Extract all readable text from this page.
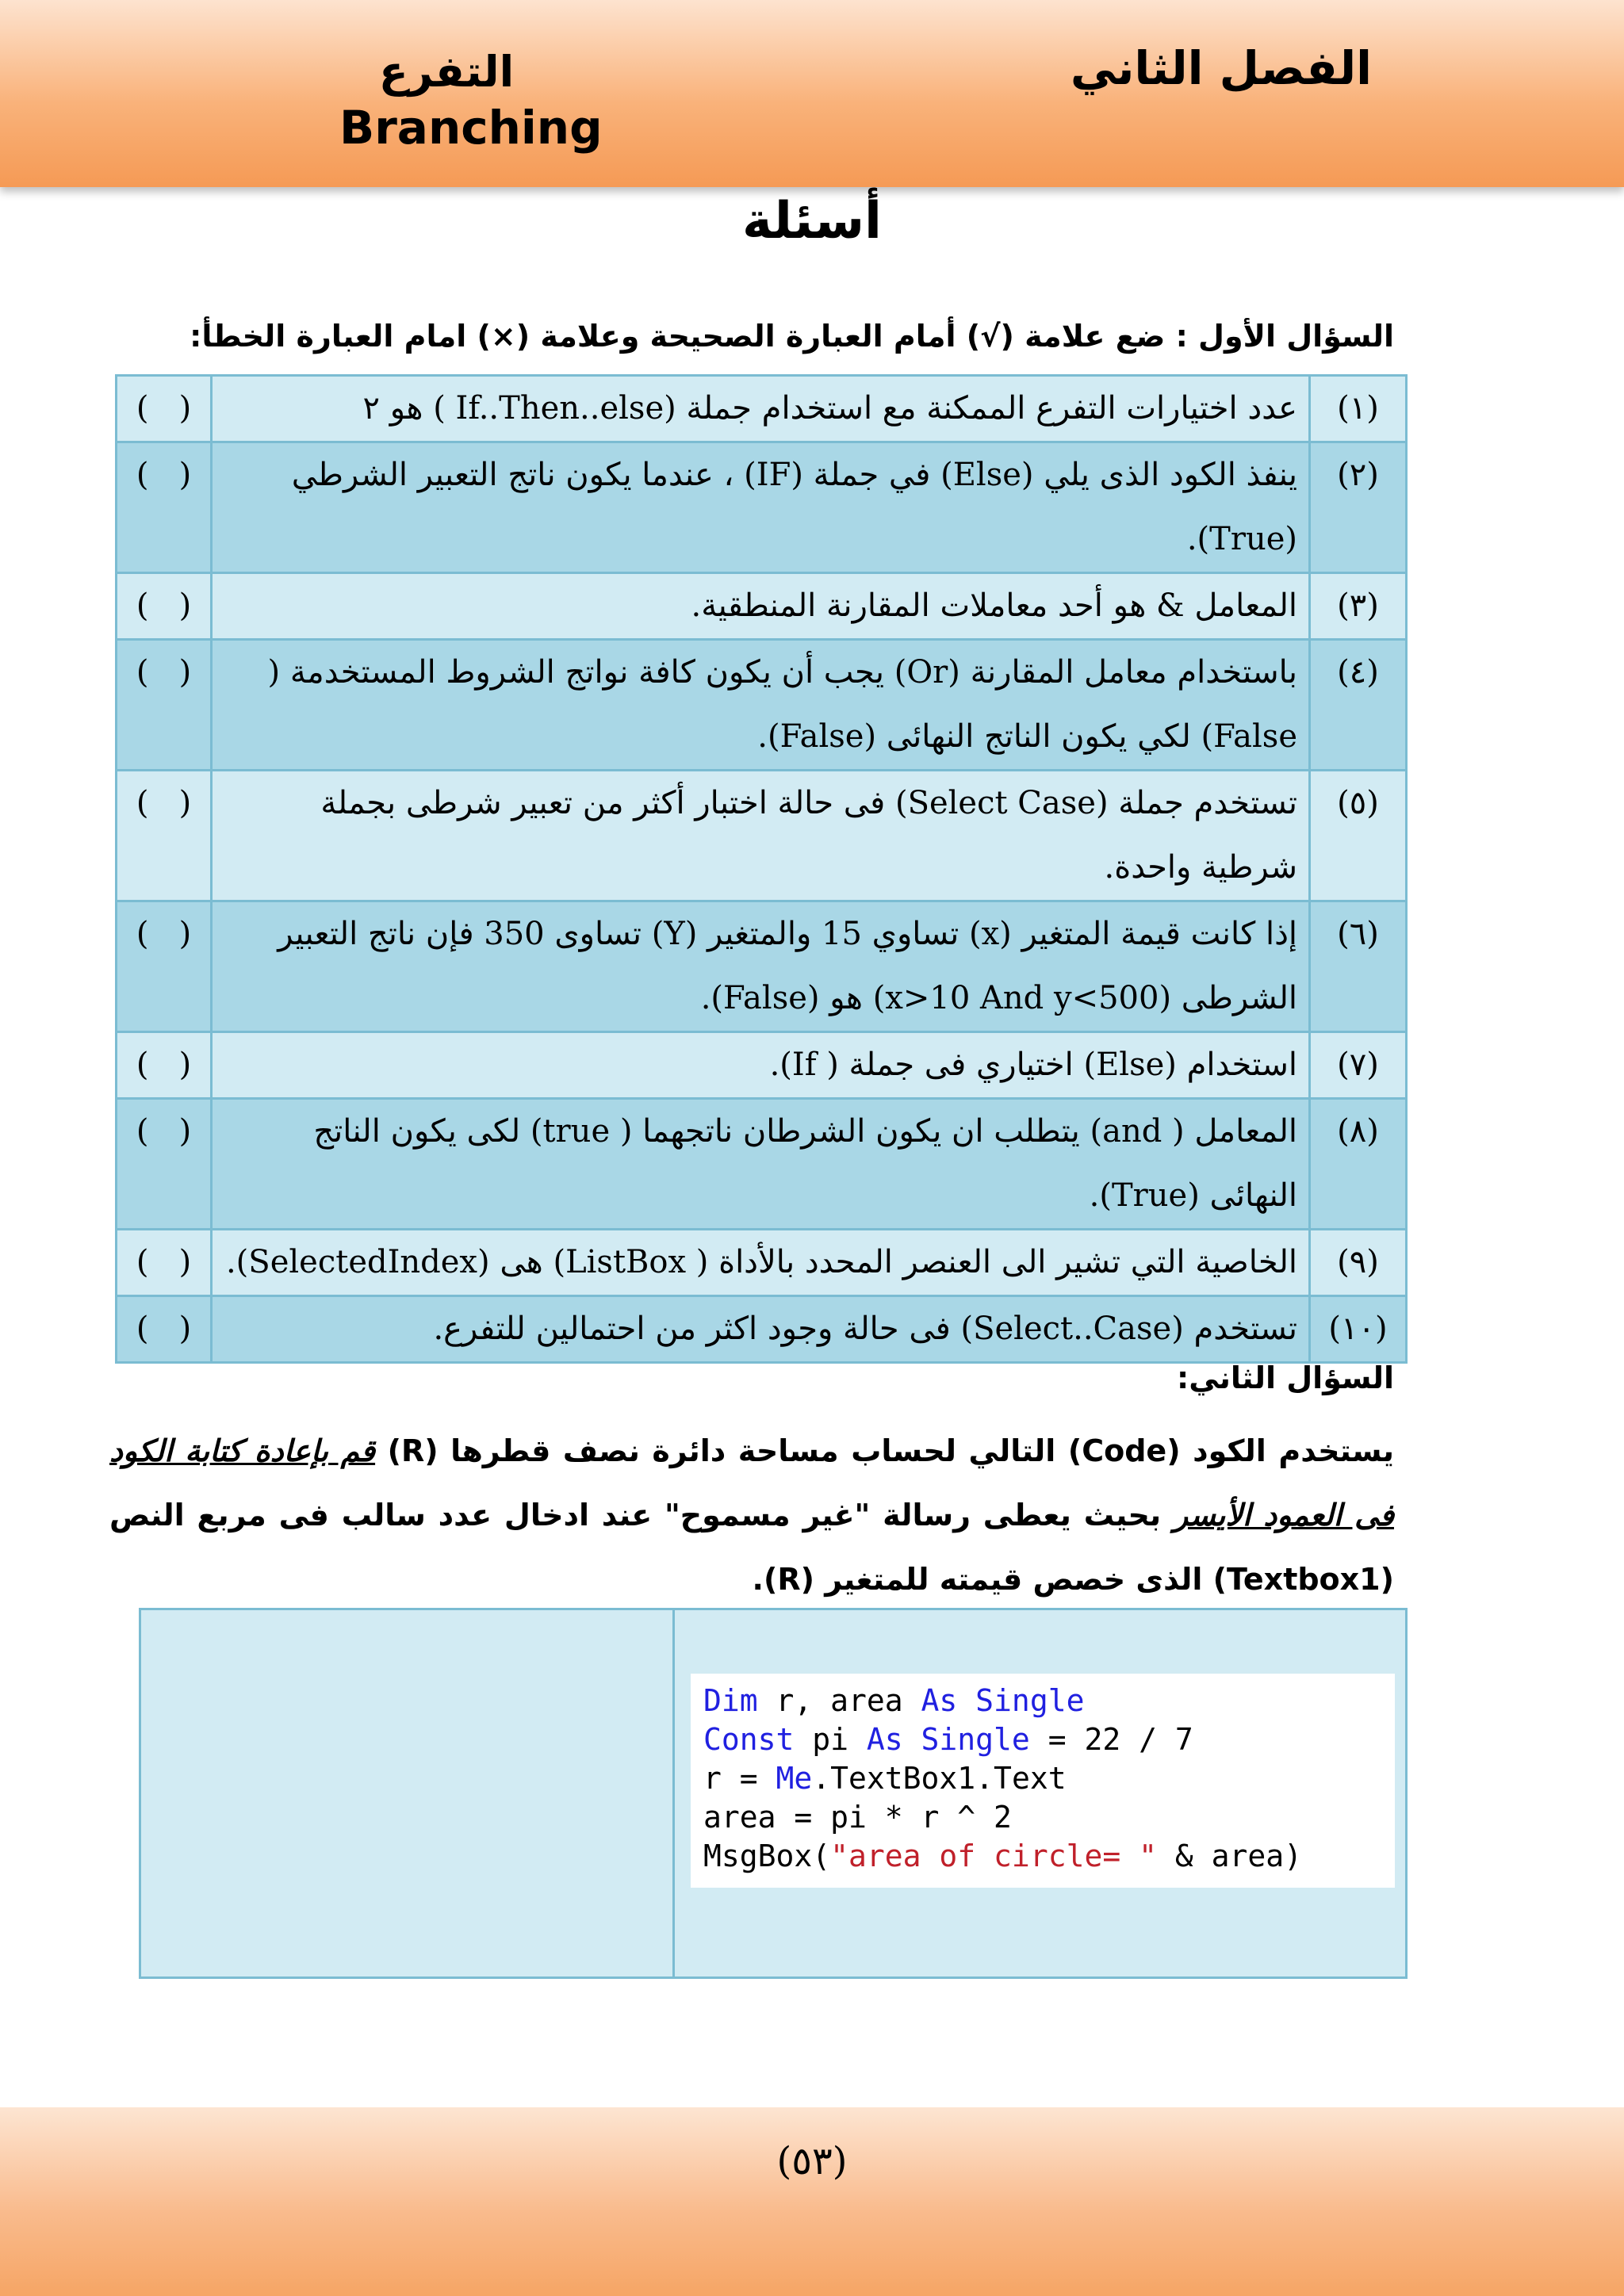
الفصل الثاني
التفرع
Branching
أسئلة
السؤال الأول : ضع علامة (√) أمام العبارة الصحيحة وعلامة (×) امام العبارة الخطأ:
(١)	عدد اختيارات التفرع الممكنة مع استخدام جملة (If..Then..else ) هو ٢	(   )
(٢)	ينفذ الكود الذى يلي (Else) في جملة (IF) ، عندما يكون ناتج التعبير الشرطي (True).	(   )
(٣)	المعامل & هو أحد معاملات المقارنة المنطقية.	(   )
(٤)	باستخدام معامل المقارنة (Or) يجب أن يكون كافة نواتج الشروط المستخدمة ( False) لكي يكون الناتج النهائى (False).	(   )
(٥)	تستخدم جملة (Select Case) فى حالة اختبار أكثر من تعبير شرطى بجملة شرطية واحدة.	(   )
(٦)	إذا كانت قيمة المتغير (x) تساوي 15 والمتغير (Y) تساوى 350 فإن ناتج التعبير الشرطى (x>10 And y<500) هو (False).	(   )
(٧)	استخدام (Else) اختياري فى جملة ( If).	(   )
(٨)	المعامل ( and) يتطلب ان يكون الشرطان ناتجهما ( true) لكى يكون الناتج النهائى (True).	(   )
(٩)	الخاصية التي تشير الى العنصر المحدد بالأداة ( ListBox) هى (SelectedIndex).	(   )
(١٠)	تستخدم (Select..Case) فى حالة وجود اكثر من احتمالين للتفرع.	(   )
السؤال الثاني:
يستخدم الكود (Code) التالي لحساب مساحة دائرة نصف قطرها (R) قم بإعادة كتابة الكود فى العمود الأيسر بحيث يعطى رسالة "غير مسموح" عند ادخال عدد سالب فى مربع النص (Textbox1) الذى خصص قيمته للمتغير (R).
Dim r, area As Single
Const pi As Single = 22 / 7
r = Me.TextBox1.Text
area = pi * r ^ 2
MsgBox("area of circle= " & area)
(٥٣)
